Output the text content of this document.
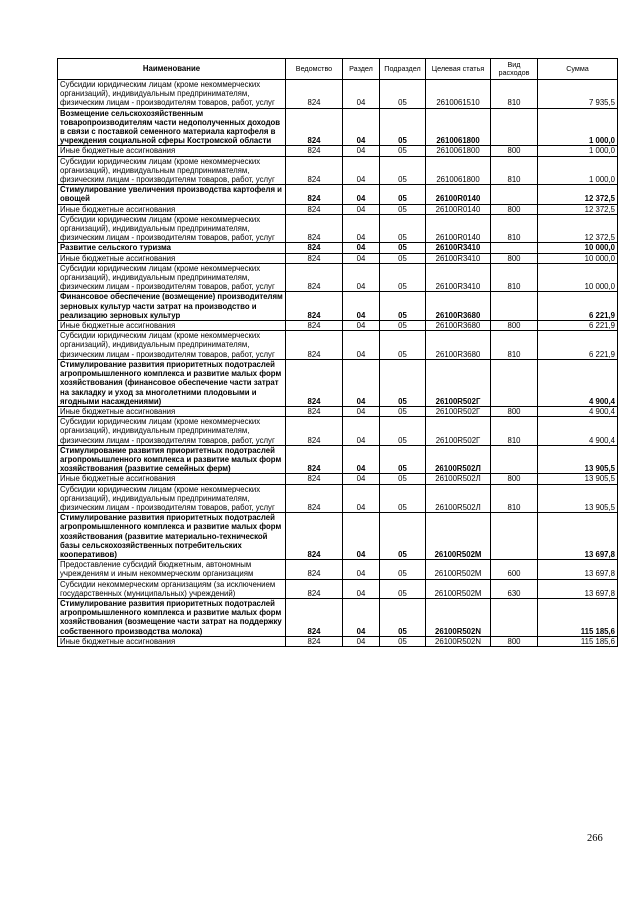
Наименование	Ведомство	Раздел	Подраздел	Целевая статья	Вид расходов	Сумма
Субсидии юридическим лицам (кроме некоммерческих организаций), индивидуальным предпринимателям, физическим лицам - производителям товаров, работ, услуг	824	04	05	2610061510	810	7 935,5
Возмещение сельскохозяйственным товаропроизводителям части недополученных доходов в связи с поставкой семенного материала картофеля в учреждения социальной сферы Костромской области	824	04	05	2610061800		1 000,0
Иные бюджетные ассигнования	824	04	05	2610061800	800	1 000,0
Субсидии юридическим лицам (кроме некоммерческих организаций), индивидуальным предпринимателям, физическим лицам - производителям товаров, работ, услуг	824	04	05	2610061800	810	1 000,0
Стимулирование увеличения производства картофеля и овощей	824	04	05	26100R0140		12 372,5
Иные бюджетные ассигнования	824	04	05	26100R0140	800	12 372,5
Субсидии юридическим лицам (кроме некоммерческих организаций), индивидуальным предпринимателям, физическим лицам - производителям товаров, работ, услуг	824	04	05	26100R0140	810	12 372,5
Развитие сельского туризма	824	04	05	26100R3410		10 000,0
Иные бюджетные ассигнования	824	04	05	26100R3410	800	10 000,0
Субсидии юридическим лицам (кроме некоммерческих организаций), индивидуальным предпринимателям, физическим лицам - производителям товаров, работ, услуг	824	04	05	26100R3410	810	10 000,0
Финансовое обеспечение (возмещение) производителям зерновых культур части затрат на производство и реализацию зерновых культур	824	04	05	26100R3680		6 221,9
Иные бюджетные ассигнования	824	04	05	26100R3680	800	6 221,9
Субсидии юридическим лицам (кроме некоммерческих организаций), индивидуальным предпринимателям, физическим лицам - производителям товаров, работ, услуг	824	04	05	26100R3680	810	6 221,9
Стимулирование развития приоритетных подотраслей агропромышленного комплекса и развитие малых форм хозяйствования (финансовое обеспечение части затрат на закладку и уход за многолетними плодовыми и ягодными насаждениями)	824	04	05	26100R502Г		4 900,4
Иные бюджетные ассигнования	824	04	05	26100R502Г	800	4 900,4
Субсидии юридическим лицам (кроме некоммерческих организаций), индивидуальным предпринимателям, физическим лицам - производителям товаров, работ, услуг	824	04	05	26100R502Г	810	4 900,4
Стимулирование развития приоритетных подотраслей агропромышленного комплекса и развитие малых форм хозяйствования (развитие семейных ферм)	824	04	05	26100R502Л		13 905,5
Иные бюджетные ассигнования	824	04	05	26100R502Л	800	13 905,5
Субсидии юридическим лицам (кроме некоммерческих организаций), индивидуальным предпринимателям, физическим лицам - производителям товаров, работ, услуг	824	04	05	26100R502Л	810	13 905,5
Стимулирование развития приоритетных подотраслей агропромышленного комплекса и развитие малых форм хозяйствования (развитие материально-технической базы сельскохозяйственных потребительских кооперативов)	824	04	05	26100R502M		13 697,8
Предоставление субсидий бюджетным, автономным учреждениям и иным некоммерческим организациям	824	04	05	26100R502M	600	13 697,8
Субсидии некоммерческим организациям (за исключением государственных (муниципальных) учреждений)	824	04	05	26100R502M	630	13 697,8
Стимулирование развития приоритетных подотраслей агропромышленного комплекса и развитие малых форм хозяйствования (возмещение части затрат на поддержку собственного производства молока)	824	04	05	26100R502N		115 185,6
Иные бюджетные ассигнования	824	04	05	26100R502N	800	115 185,6
266
